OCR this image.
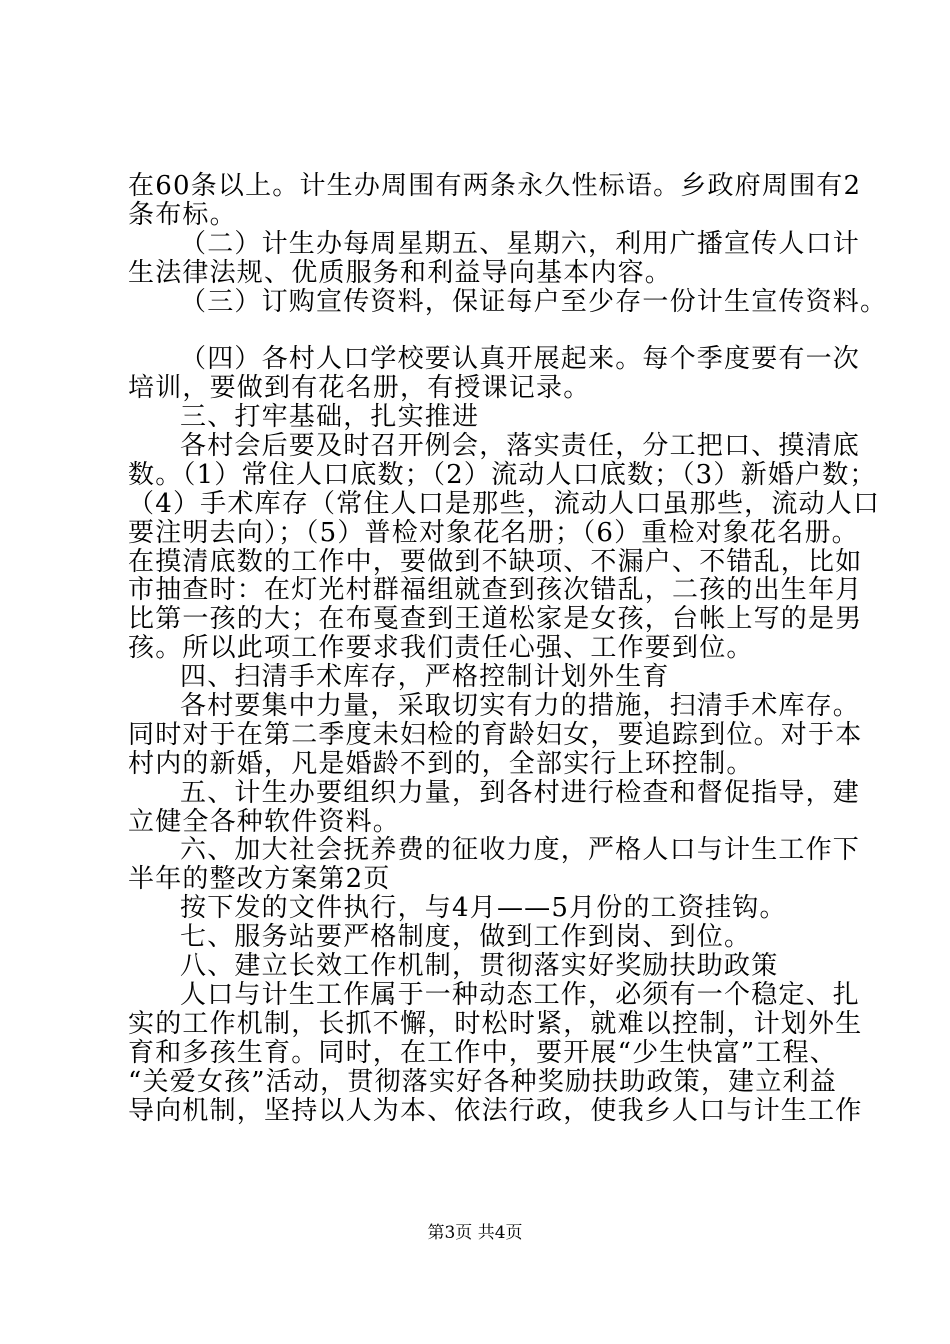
在60条以上。计生办周围有两条永久性标语。乡政府周围有2

条布标。

（二）计生办每周星期五、星期六，利用广播宣传人口计

生法律法规、优质服务和利益导向基本内容。

（三）订购宣传资料，保证每户至少存一份计生宣传资料。

（四）各村人口学校要认真开展起来。每个季度要有一次

培训，要做到有花名册，有授课记录。

三、打牢基础，扎实推进

各村会后要及时召开例会，落实责任，分工把口、摸清底

数。（1）常住人口底数；（2）流动人口底数；（3）新婚户数；

（4）手术库存（常住人口是那些，流动人口虽那些，流动人口

要注明去向）；（5）普检对象花名册；（6）重检对象花名册。

在摸清底数的工作中，要做到不缺项、不漏户、不错乱，比如

市抽查时：在灯光村群福组就查到孩次错乱，二孩的出生年月

比第一孩的大；在布戛查到王道松家是女孩，台帐上写的是男

孩。所以此项工作要求我们责任心强、工作要到位。

四、扫清手术库存，严格控制计划外生育

各村要集中力量，采取切实有力的措施，扫清手术库存。

同时对于在第二季度未妇检的育龄妇女，要追踪到位。对于本

村内的新婚，凡是婚龄不到的，全部实行上环控制。

五、计生办要组织力量，到各村进行检查和督促指导，建

立健全各种软件资料。

六、加大社会抚养费的征收力度，严格人口与计生工作下

半年的整改方案第2页

按下发的文件执行，与4月——5月份的工资挂钩。

七、服务站要严格制度，做到工作到岗、到位。

八、建立长效工作机制，贯彻落实好奖励扶助政策

人口与计生工作属于一种动态工作，必须有一个稳定、扎

实的工作机制，长抓不懈，时松时紧，就难以控制，计划外生

育和多孩生育。同时，在工作中，要开展“少生快富”工程、

“关爱女孩”活动，贯彻落实好各种奖励扶助政策，建立利益

导向机制，坚持以人为本、依法行政，使我乡人口与计生工作

第3页 共4页
